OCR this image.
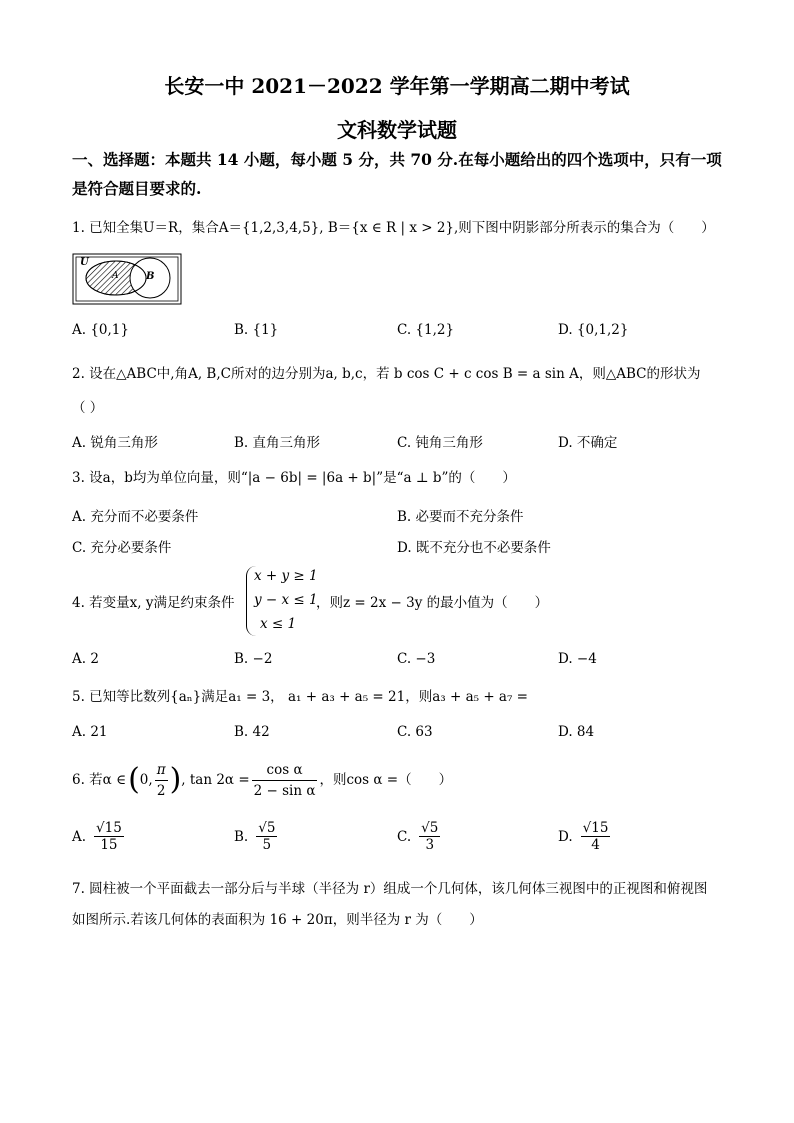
长安一中 2021－2022 学年第一学期高二期中考试
文科数学试题
一、选择题：本题共 14 小题，每小题 5 分，共 70 分.在每小题给出的四个选项中，只有一项
是符合题目要求的.
1. 已知全集U＝R，集合A＝{1,2,3,4,5}, B＝{x ∈ R | x > 2},则下图中阴影部分所表示的集合为（　　）
U
A	B
A. {0,1}	B. {1}	C. {1,2}	D. {0,1,2}
2. 设在△ABC中,角A, B,C所对的边分别为a, b,c，若 b cos C + c cos B = a sin A，则△ABC的形状为
（ ）
A. 锐角三角形	B. 直角三角形	C. 钝角三角形	D. 不确定
3. 设a，b均为单位向量，则“|a − 6b| = |6a + b|”是“a ⊥ b”的（　　）
A. 充分而不必要条件	B. 必要而不充分条件
C. 充分必要条件	D. 既不充分也不必要条件
4. 若变量x, y满足约束条件
x + y ≥ 1
y − x ≤ 1
x ≤ 1
，则z = 2x − 3y 的最小值为（　　）
A. 2	B. −2	C. −3	D. −4
5. 已知等比数列{aₙ}满足a₁ = 3， a₁ + a₃ + a₅ = 21，则a₃ + a₅ + a₇ =
A. 21	B. 42	C. 63	D. 84
6. 若α ∈ ( 0, $\frac{\pi}{2}$ ) , $\tan 2\alpha = \frac{\text{cos α}}{\text{2 − sin α}}$ ，则cos α =（　　）
A. $\frac{√15}{15}$	B. $\frac{√5}{5}$	C. $\frac{√5}{3}$	D. $\frac{√15}{4}$
7. 圆柱被一个平面截去一部分后与半球（半径为 r）组成一个几何体，该几何体三视图中的正视图和俯视图
如图所示.若该几何体的表面积为 16 + 20π，则半径为 r 为（　　）
